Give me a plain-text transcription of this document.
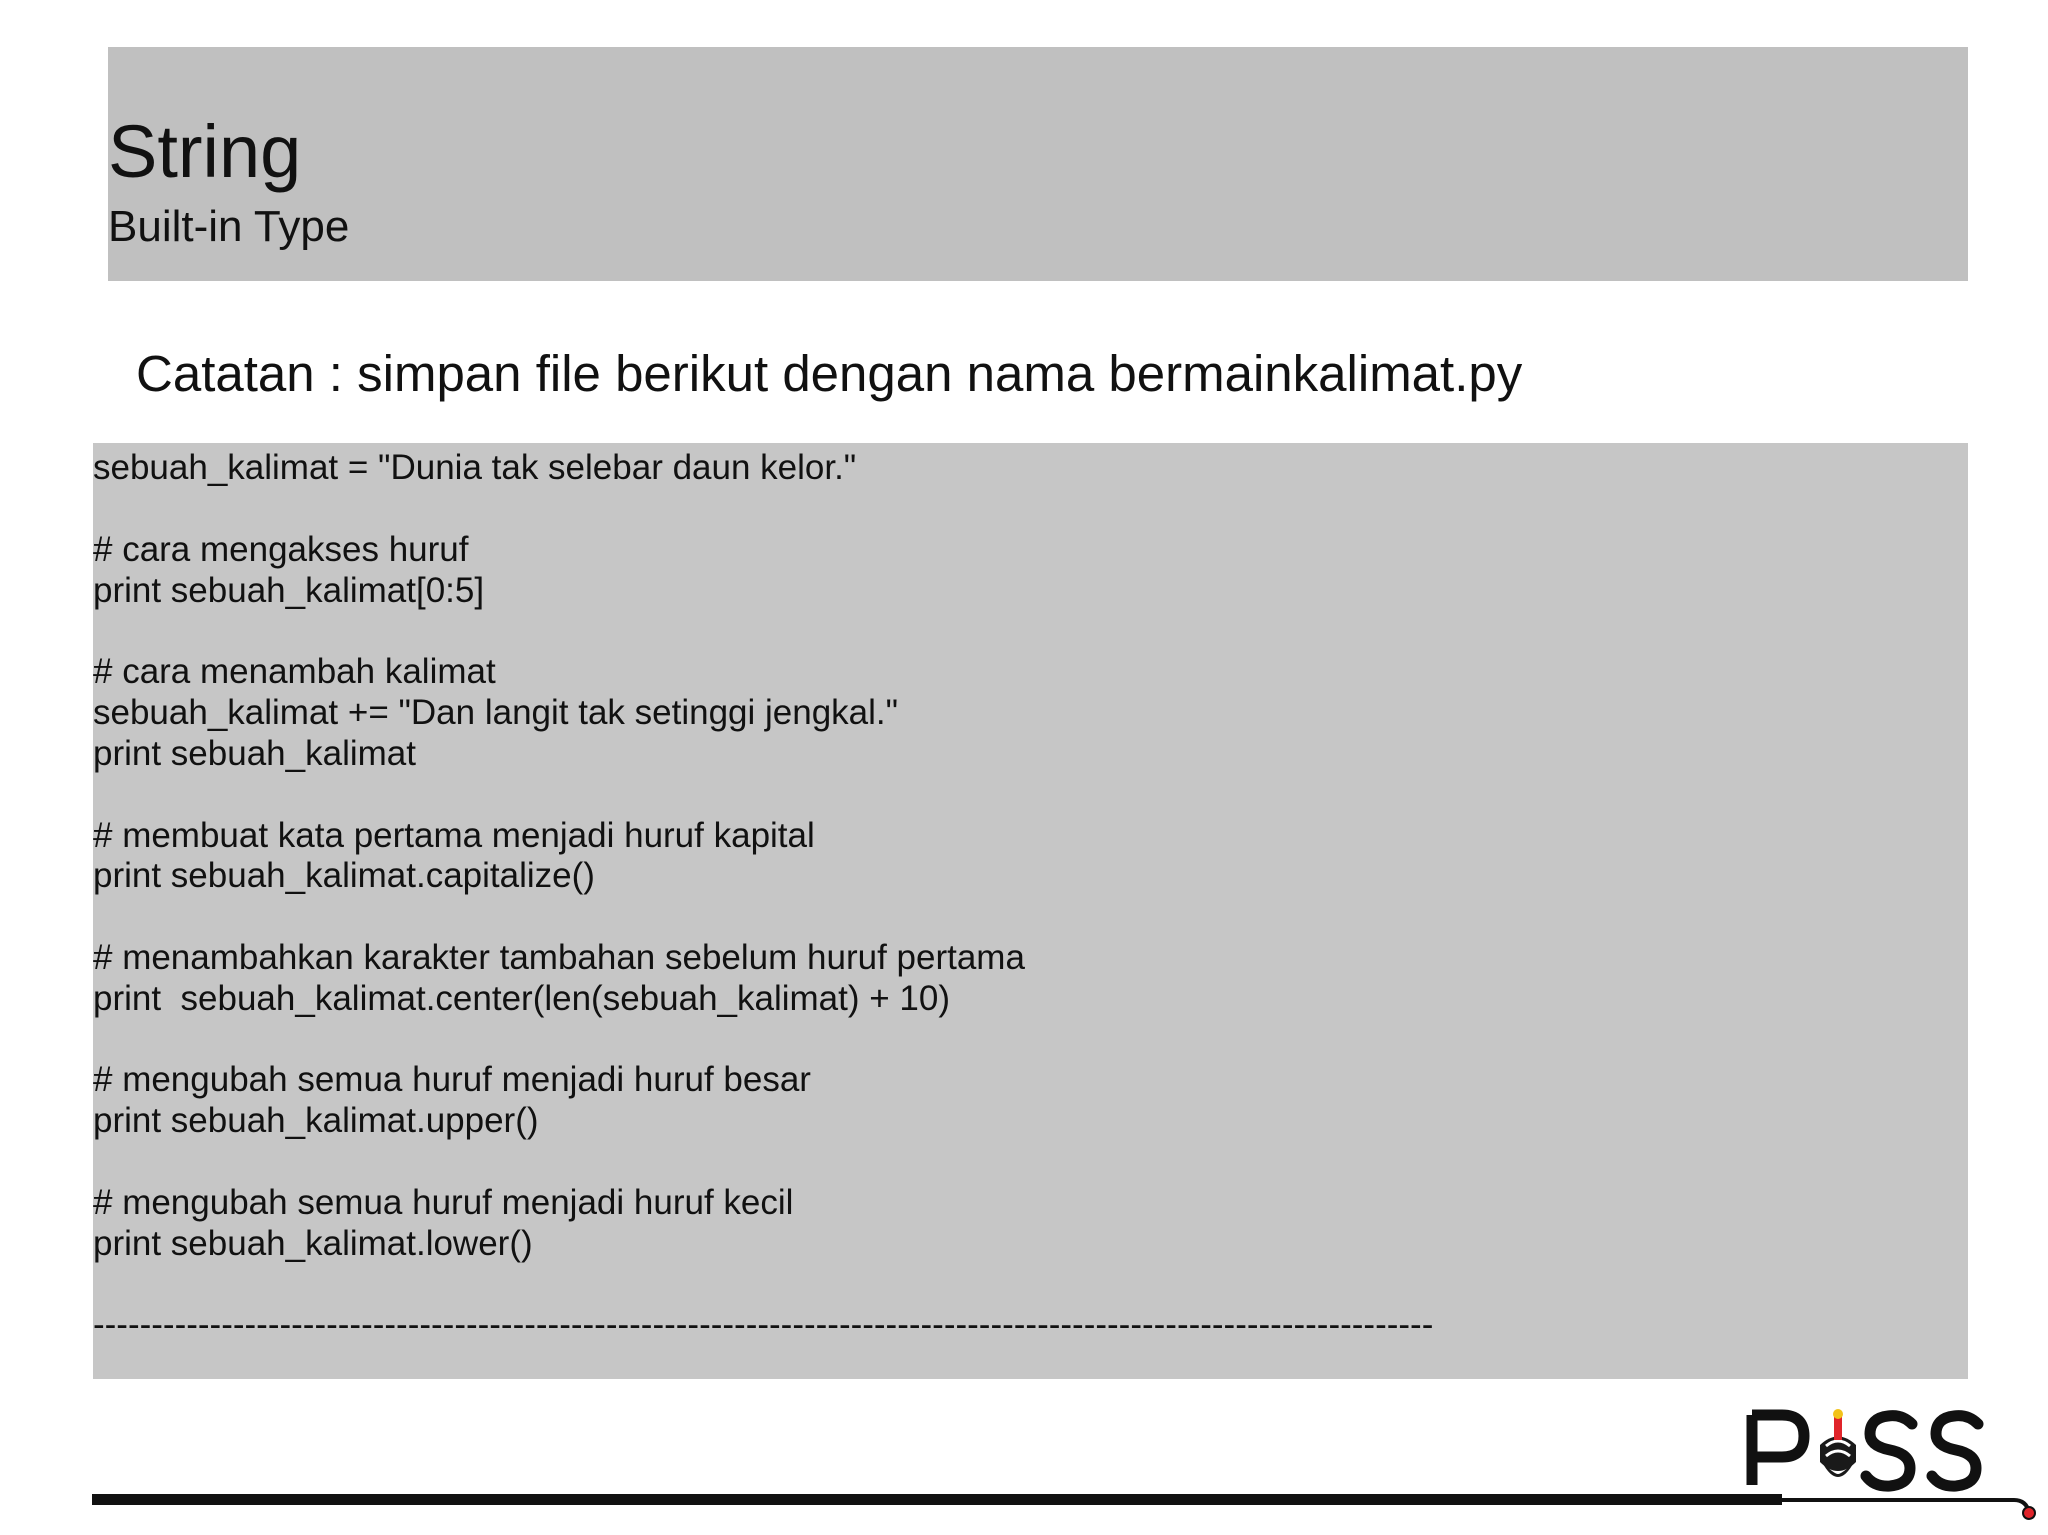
String
Built-in Type

Catatan : simpan file berikut dengan nama bermainkalimat.py

sebuah_kalimat = "Dunia tak selebar daun kelor."
# cara mengakses huruf
print sebuah_kalimat[0:5]
# cara menambah kalimat
sebuah_kalimat += "Dan langit tak setinggi jengkal."
print sebuah_kalimat
# membuat kata pertama menjadi huruf kapital
print sebuah_kalimat.capitalize()
# menambahkan karakter tambahan sebelum huruf pertama
print  sebuah_kalimat.center(len(sebuah_kalimat) + 10)
# mengubah semua huruf menjadi huruf besar
print sebuah_kalimat.upper()
# mengubah semua huruf menjadi huruf kecil
print sebuah_kalimat.lower()
-------------------------------------------------------------------------------------------------------------------
